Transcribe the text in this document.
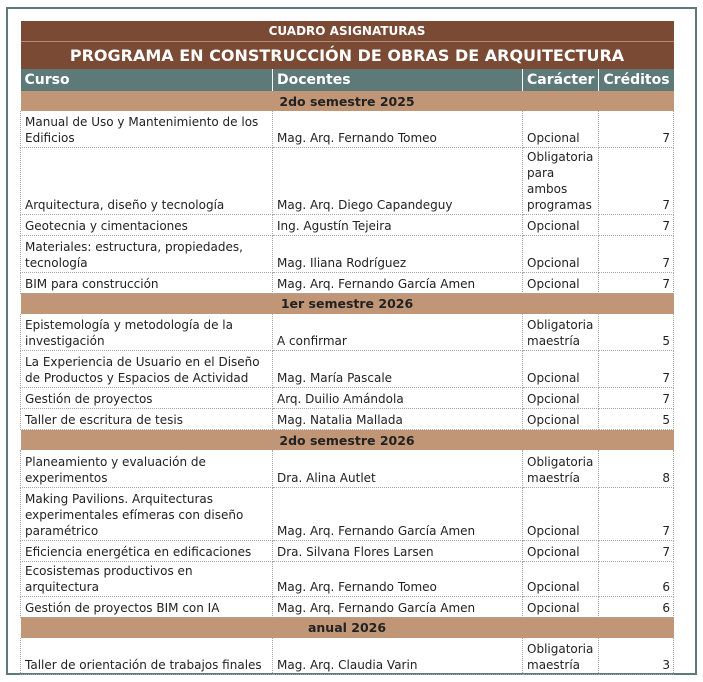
CUADRO ASIGNATURAS			
PROGRAMA EN CONSTRUCCIÓN DE OBRAS DE ARQUITECTURA			
Curso	Docentes	Carácter	Créditos
2do semestre 2025			
Manual de Uso y Mantenimiento de los Edificios	Mag. Arq. Fernando Tomeo	Opcional	7
Arquitectura, diseño y tecnología	Mag. Arq. Diego Capandeguy	Obligatoria para ambos programas	7
Geotecnia y cimentaciones	Ing. Agustín Tejeira	Opcional	7
Materiales: estructura, propiedades, tecnología	Mag. Iliana Rodríguez	Opcional	7
BIM para construcción	Mag. Arq. Fernando García Amen	Opcional	7
1er semestre 2026			
Epistemología y metodología de la investigación	A confirmar	Obligatoria maestría	5
La Experiencia de Usuario en el Diseño de Productos y Espacios de Actividad	Mag. María Pascale	Opcional	7
Gestión de proyectos	Arq. Duilio Amándola	Opcional	7
Taller de escritura de tesis	Mag. Natalia Mallada	Opcional	5
2do semestre 2026			
Planeamiento y evaluación de experimentos	Dra. Alina Autlet	Obligatoria maestría	8
Making Pavilions. Arquitecturas experimentales efímeras con diseño paramétrico	Mag. Arq. Fernando García Amen	Opcional	7
Eficiencia energética en edificaciones	Dra. Silvana Flores Larsen	Opcional	7
Ecosistemas productivos en arquitectura	Mag. Arq. Fernando Tomeo	Opcional	6
Gestión de proyectos BIM con IA	Mag. Arq. Fernando García Amen	Opcional	6
anual 2026			
Taller de orientación de trabajos finales	Mag. Arq. Claudia Varin	Obligatoria maestría	3
